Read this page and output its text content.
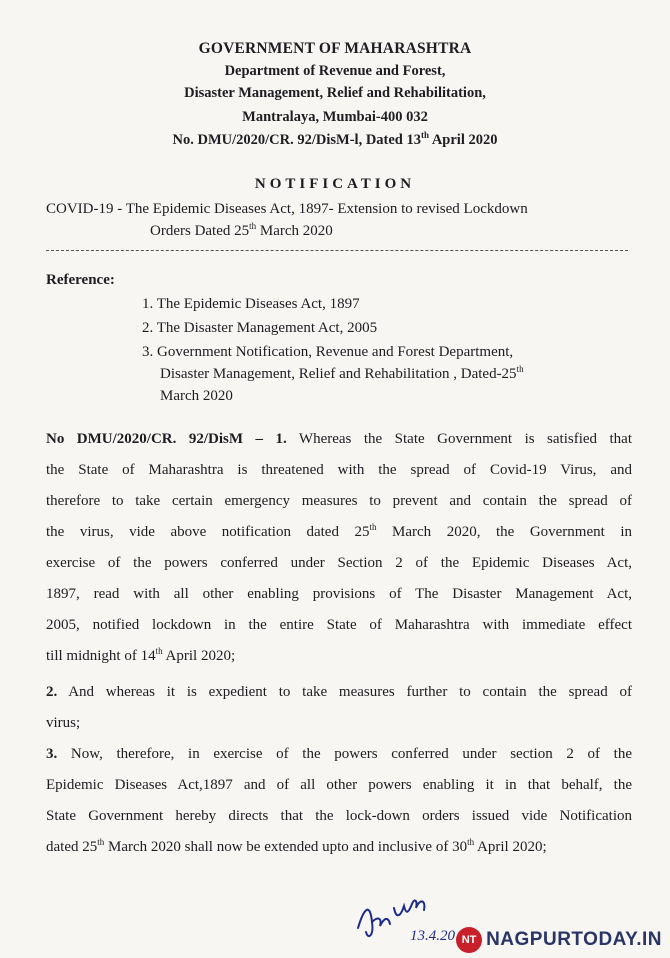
GOVERNMENT OF MAHARASHTRA
Department of Revenue and Forest,
Disaster Management, Relief and Rehabilitation,
Mantralaya, Mumbai-400 032
No. DMU/2020/CR. 92/DisM-l, Dated 13th April 2020
NOTIFICATION
COVID-19 - The Epidemic Diseases Act, 1897- Extension to revised Lockdown
Orders Dated 25th March 2020
Reference:
1. The Epidemic Diseases Act, 1897
2. The Disaster Management Act, 2005
3. Government Notification, Revenue and Forest Department,
Disaster Management, Relief and Rehabilitation , Dated-25th
March 2020
No DMU/2020/CR. 92/DisM – 1. Whereas the State Government is satisfied that
the State of Maharashtra is threatened with the spread of Covid-19 Virus, and
therefore to take certain emergency measures to prevent and contain the spread of
the virus, vide above notification dated 25th March 2020, the Government in
exercise of the powers conferred under Section 2 of the Epidemic Diseases Act,
1897, read with all other enabling provisions of The Disaster Management Act,
2005, notified lockdown in the entire State of Maharashtra with immediate effect
till midnight of 14th April 2020;
2. And whereas it is expedient to take measures further to contain the spread of
virus;
3. Now, therefore, in exercise of the powers conferred under section 2 of the
Epidemic Diseases Act,1897 and of all other powers enabling it in that behalf, the
State Government hereby directs that the lock-down orders issued vide Notification
dated 25th March 2020 shall now be extended upto and inclusive of 30th April 2020;
13.4.20 NT NAGPURTODAY.IN
